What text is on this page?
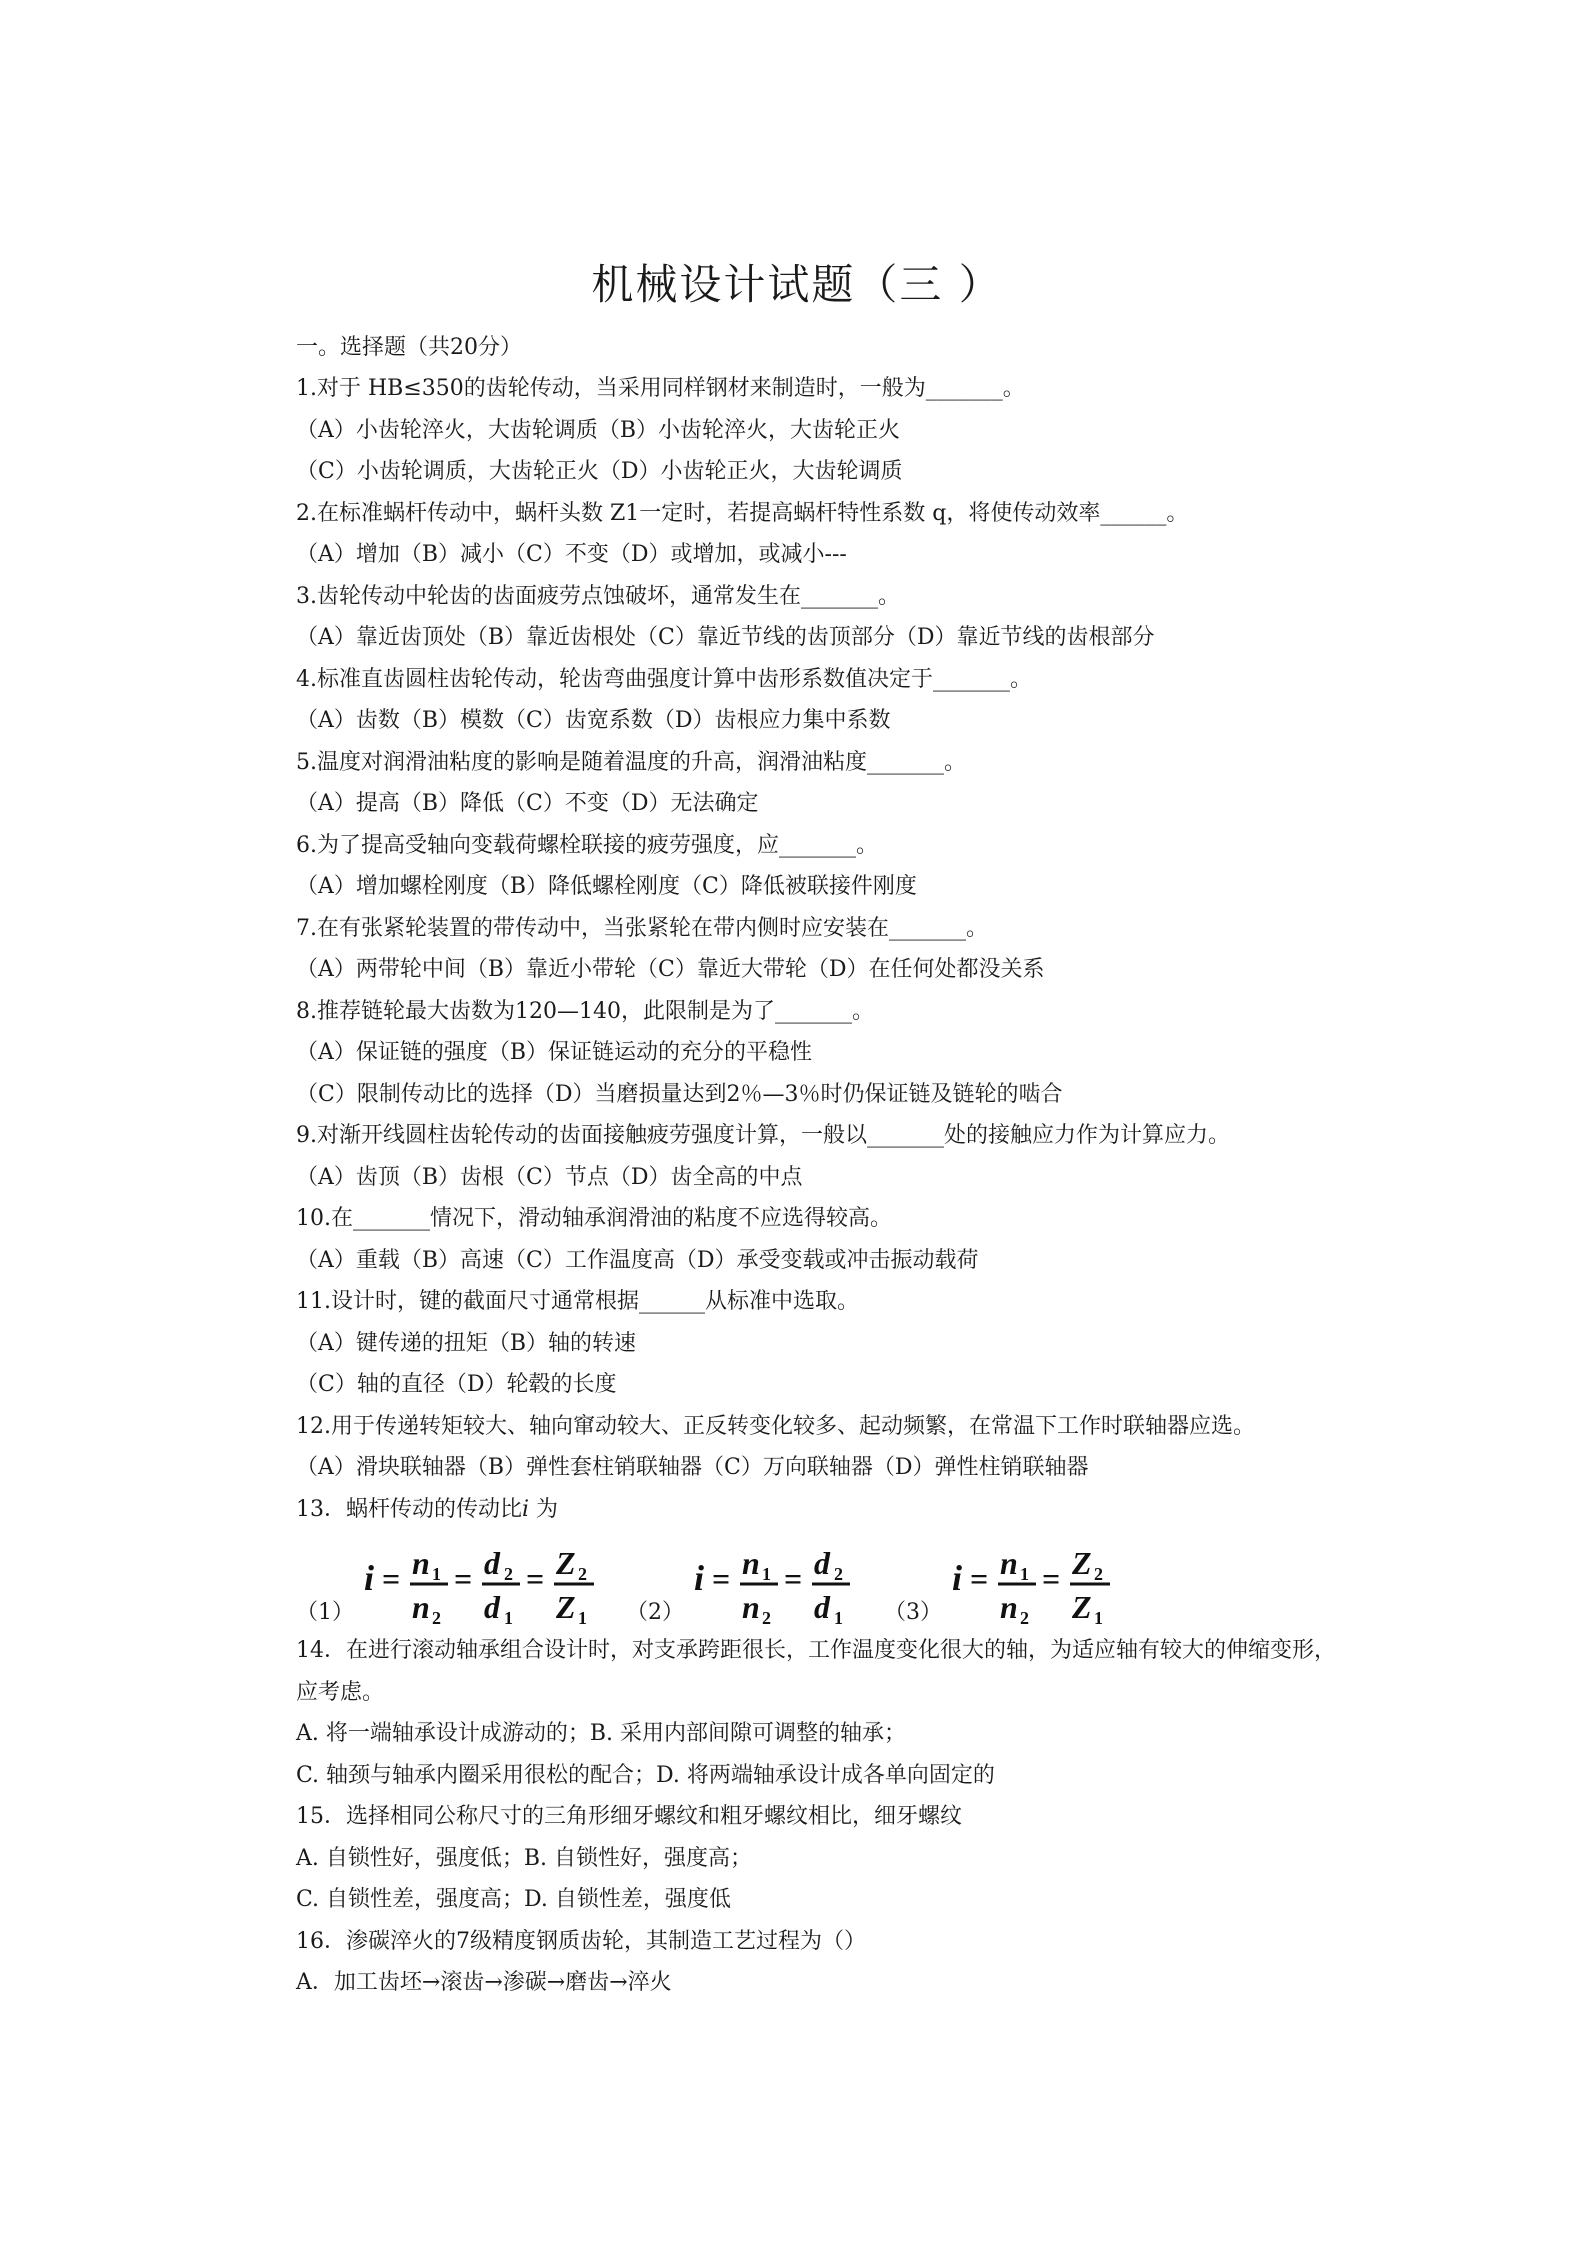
机械设计试题（三 ）
一。选择题（共20分）
1.对于 HB≤350的齿轮传动，当采用同样钢材来制造时，一般为_______。
（A）小齿轮淬火，大齿轮调质（B）小齿轮淬火，大齿轮正火
（C）小齿轮调质，大齿轮正火（D）小齿轮正火，大齿轮调质
2.在标准蜗杆传动中，蜗杆头数 Z1一定时，若提高蜗杆特性系数 q，将使传动效率______。
（A）增加（B）减小（C）不变（D）或增加，或减小---
3.齿轮传动中轮齿的齿面疲劳点蚀破坏，通常发生在_______。
（A）靠近齿顶处（B）靠近齿根处（C）靠近节线的齿顶部分（D）靠近节线的齿根部分
4.标准直齿圆柱齿轮传动，轮齿弯曲强度计算中齿形系数值决定于_______。
（A）齿数（B）模数（C）齿宽系数（D）齿根应力集中系数
5.温度对润滑油粘度的影响是随着温度的升高，润滑油粘度_______。
（A）提高（B）降低（C）不变（D）无法确定
6.为了提高受轴向变载荷螺栓联接的疲劳强度，应_______。
（A）增加螺栓刚度（B）降低螺栓刚度（C）降低被联接件刚度
7.在有张紧轮装置的带传动中，当张紧轮在带内侧时应安装在_______。
（A）两带轮中间（B）靠近小带轮（C）靠近大带轮（D）在任何处都没关系
8.推荐链轮最大齿数为120—140，此限制是为了_______。
（A）保证链的强度（B）保证链运动的充分的平稳性
（C）限制传动比的选择（D）当磨损量达到2％—3％时仍保证链及链轮的啮合
9.对渐开线圆柱齿轮传动的齿面接触疲劳强度计算，一般以_______处的接触应力作为计算应力。
（A）齿顶（B）齿根（C）节点（D）齿全高的中点
10.在_______情况下，滑动轴承润滑油的粘度不应选得较高。
（A）重载（B）高速（C）工作温度高（D）承受变载或冲击振动载荷
11.设计时，键的截面尺寸通常根据______从标准中选取。
（A）键传递的扭矩（B）轴的转速
（C）轴的直径（D）轮毂的长度
12.用于传递转矩较大、轴向窜动较大、正反转变化较多、起动频繁，在常温下工作时联轴器应选。
（A）滑块联轴器（B）弹性套柱销联轴器（C）万向联轴器（D）弹性柱销联轴器
13．蜗杆传动的传动比i 为
（1）
i = n 1
n 2
= d 2
d 1
= Z 2
Z 1 （2）
i = n 1
n 2
= d 2
d 1 （3）
i = n 1
n 2
= Z 2
Z 1
14．在进行滚动轴承组合设计时，对支承跨距很长，工作温度变化很大的轴，为适应轴有较大的伸缩变形，应考虑。
A. 将一端轴承设计成游动的；B. 采用内部间隙可调整的轴承；
C. 轴颈与轴承内圈采用很松的配合；D. 将两端轴承设计成各单向固定的
15．选择相同公称尺寸的三角形细牙螺纹和粗牙螺纹相比，细牙螺纹
A. 自锁性好，强度低；B. 自锁性好，强度高；
C. 自锁性差，强度高；D. 自锁性差，强度低
16．渗碳淬火的7级精度钢质齿轮，其制造工艺过程为（）
A．加工齿坯→滚齿→渗碳→磨齿→淬火
